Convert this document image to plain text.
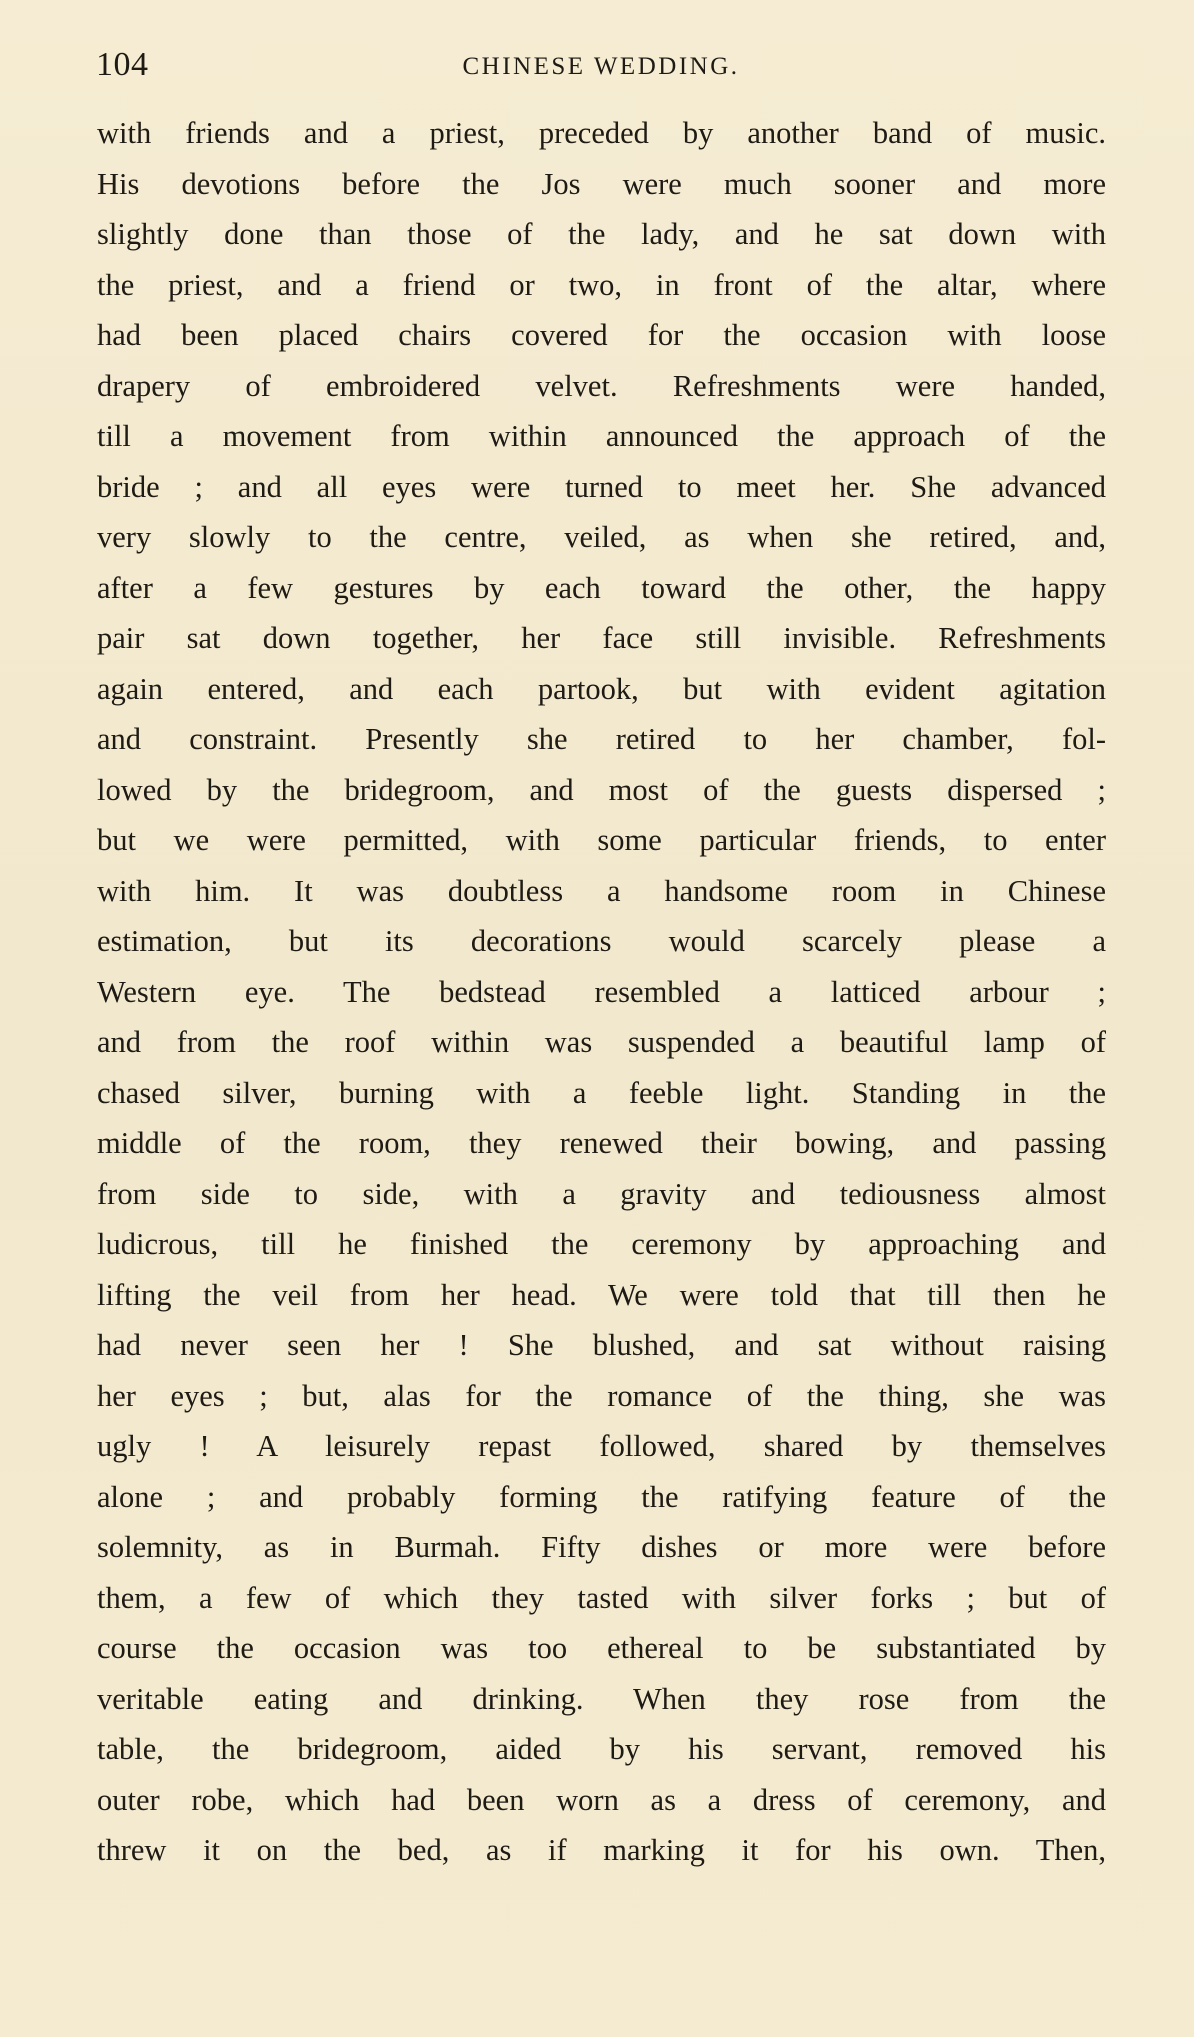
104	CHINESE WEDDING.
with friends and a priest, preceded by another band of music.
His devotions before the Jos were much sooner and more
slightly done than those of the lady, and he sat down with
the priest, and a friend or two, in front of the altar, where
had been placed chairs covered for the occasion with loose
drapery of embroidered velvet. Refreshments were handed,
till a movement from within announced the approach of the
bride ; and all eyes were turned to meet her. She advanced
very slowly to the centre, veiled, as when she retired, and,
after a few gestures by each toward the other, the happy
pair sat down together, her face still invisible. Refreshments
again entered, and each partook, but with evident agitation
and constraint. Presently she retired to her chamber, fol-
lowed by the bridegroom, and most of the guests dispersed ;
but we were permitted, with some particular friends, to enter
with him. It was doubtless a handsome room in Chinese
estimation, but its decorations would scarcely please a
Western eye. The bedstead resembled a latticed arbour ;
and from the roof within was suspended a beautiful lamp of
chased silver, burning with a feeble light. Standing in the
middle of the room, they renewed their bowing, and passing
from side to side, with a gravity and tediousness almost
ludicrous, till he finished the ceremony by approaching and
lifting the veil from her head. We were told that till then he
had never seen her ! She blushed, and sat without raising
her eyes ; but, alas for the romance of the thing, she was
ugly ! A leisurely repast followed, shared by themselves
alone ; and probably forming the ratifying feature of the
solemnity, as in Burmah. Fifty dishes or more were before
them, a few of which they tasted with silver forks ; but of
course the occasion was too ethereal to be substantiated by
veritable eating and drinking. When they rose from the
table, the bridegroom, aided by his servant, removed his
outer robe, which had been worn as a dress of ceremony, and
threw it on the bed, as if marking it for his own. Then,
